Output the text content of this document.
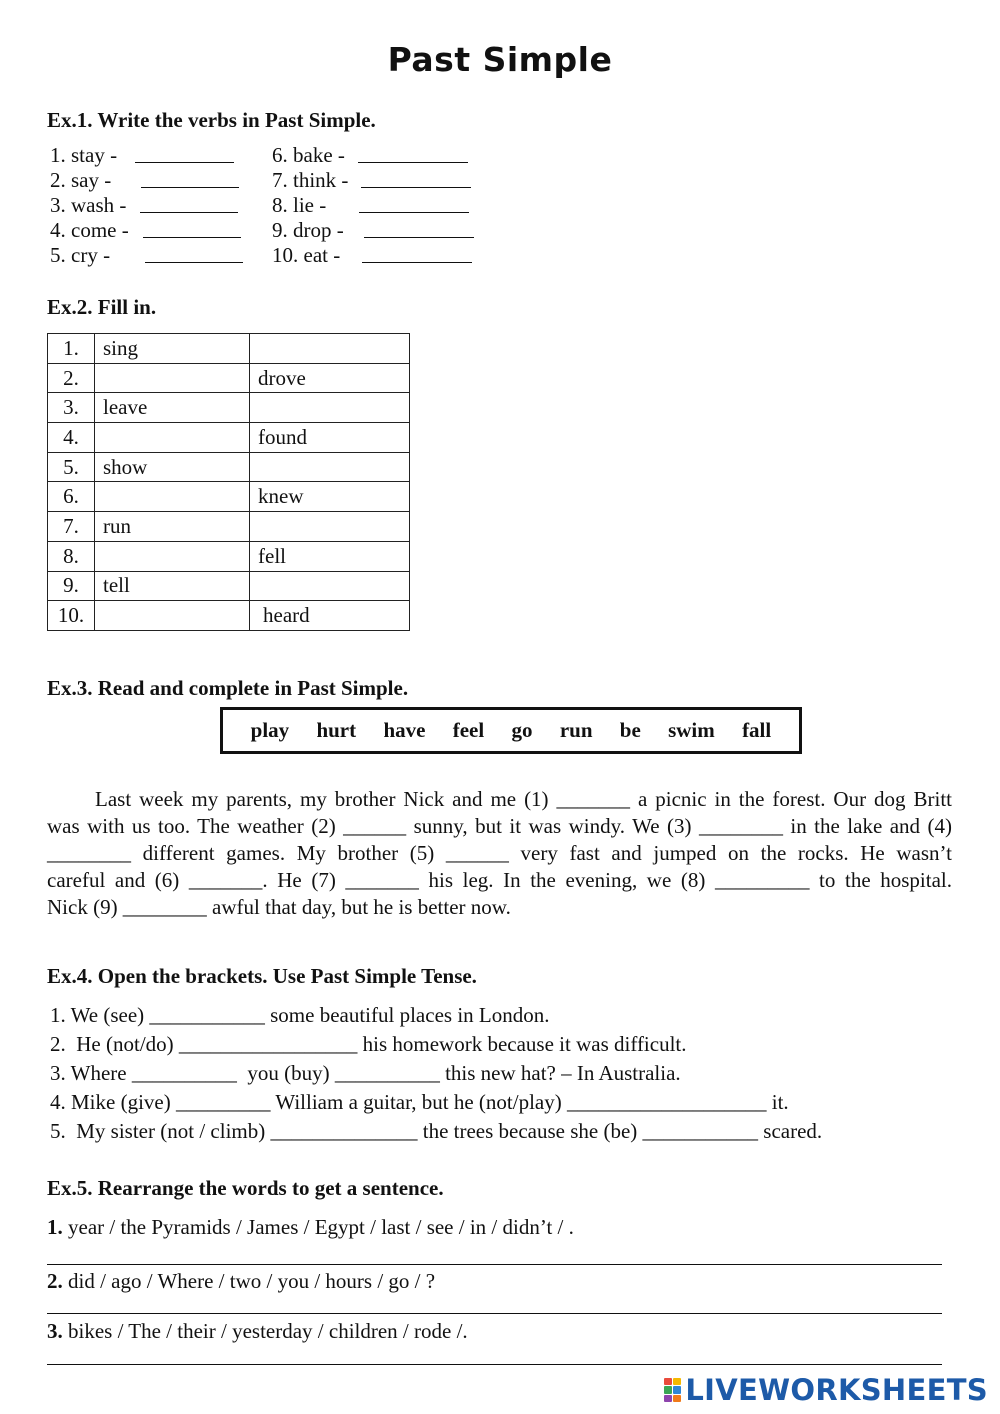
Past Simple
Ex.1. Write the verbs in Past Simple.
1. stay -
2. say -
3. wash -
4. come -
5. cry -
6. bake -
7. think -
8. lie -
9. drop -
10. eat -
Ex.2. Fill in.
1.	sing	
2.		drove
3.	leave	
4.		found
5.	show	
6.		knew
7.	run	
8.		fell
9.	tell	
10.		heard
Ex.3. Read and complete in Past Simple.
play hurt have feel go run be swim fall
Last week my parents, my brother Nick and me (1) _______ a picnic in the forest. Our dog Britt
was with us too. The weather (2) ______ sunny, but it was windy. We (3) ________ in the lake and (4)
________ different games. My brother (5) ______ very fast and jumped on the rocks. He wasn’t
careful and (6) _______. He (7) _______ his leg. In the evening, we (8) _________ to the hospital.
Nick (9) ________ awful that day, but he is better now.
Ex.4. Open the brackets. Use Past Simple Tense.
1. We (see) ___________ some beautiful places in London.
2.  He (not/do) _________________ his homework because it was difficult.
3. Where __________  you (buy) __________ this new hat? – In Australia.
4. Mike (give) _________ William a guitar, but he (not/play) ___________________ it.
5.  My sister (not / climb) ______________ the trees because she (be) ___________ scared.
Ex.5. Rearrange the words to get a sentence.
1. year / the Pyramids / James / Egypt / last / see / in / didn’t / .
2. did / ago / Where / two / you / hours / go / ?
3. bikes / The / their / yesterday / children / rode /.
LIVEWORKSHEETS
